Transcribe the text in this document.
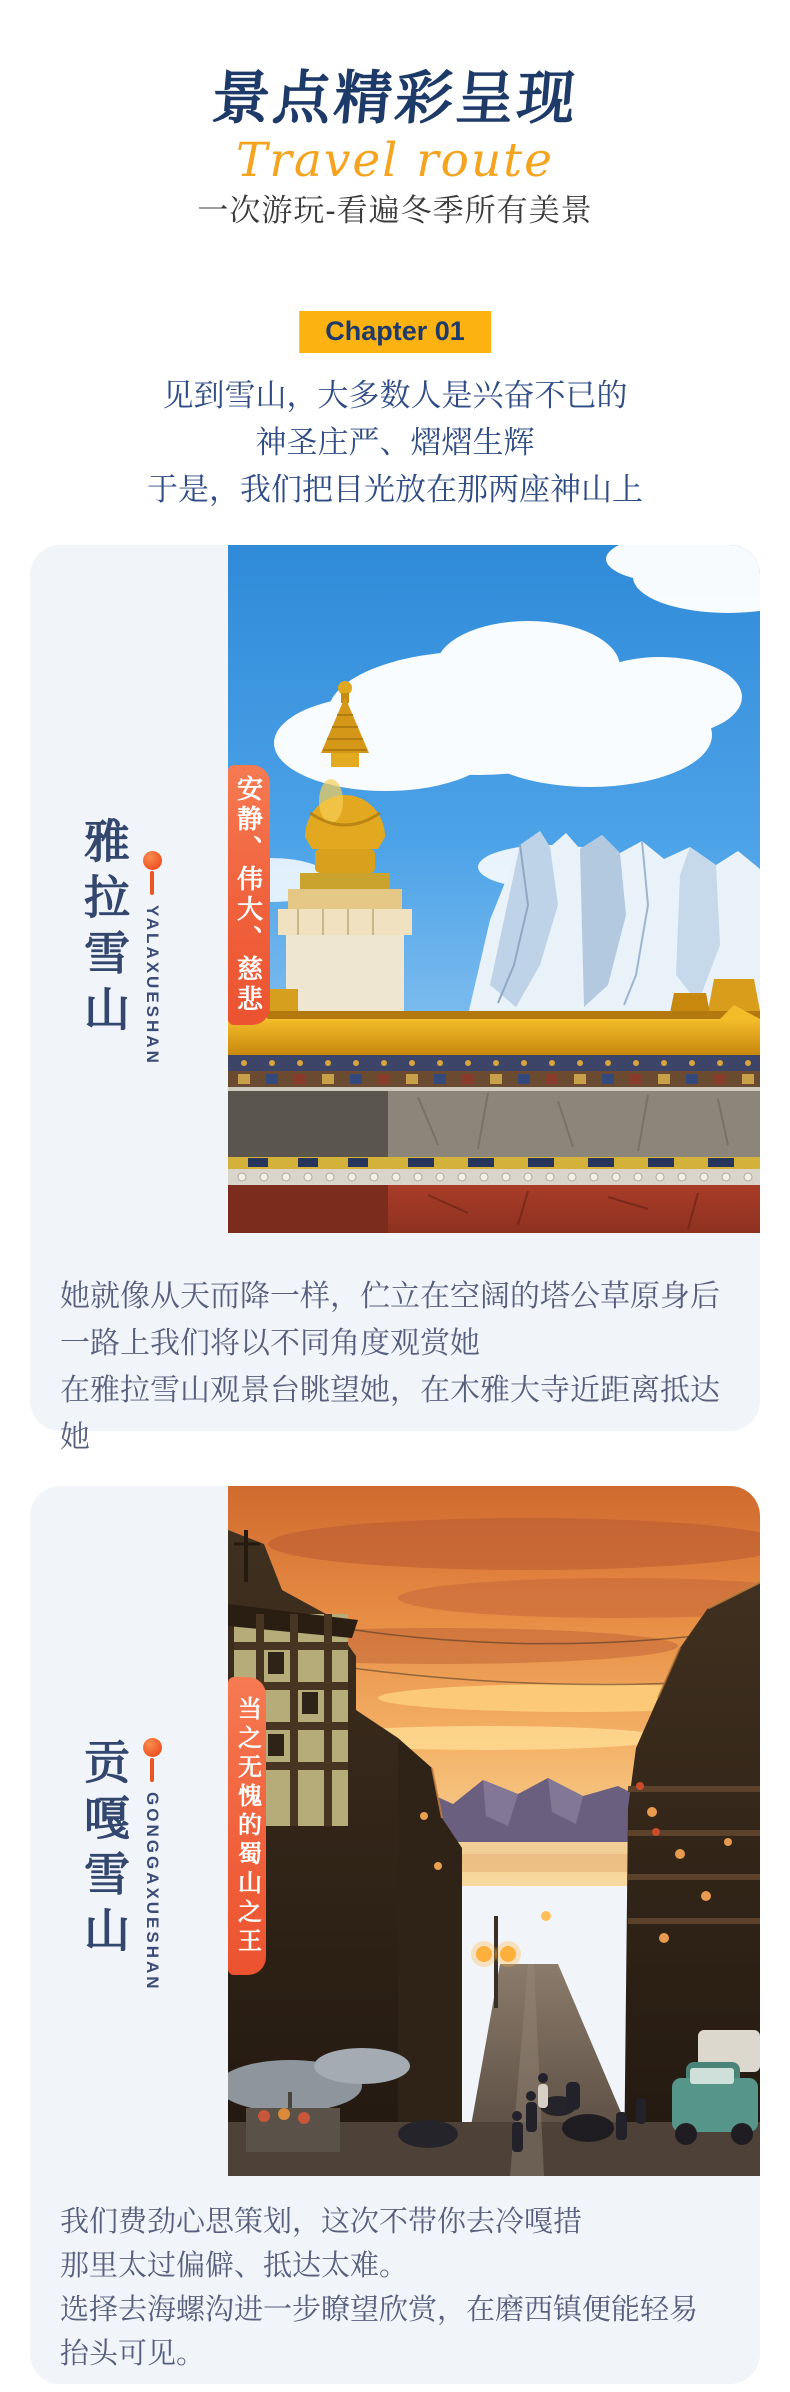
景点精彩呈现
Travel route
一次游玩-看遍冬季所有美景
Chapter 01
见到雪山，大多数人是兴奋不已的
神圣庄严、熠熠生辉
于是，我们把目光放在那两座神山上
雅拉雪山 YALAXUESHAN	安静、伟大、慈悲
她就像从天而降一样，伫立在空阔的塔公草原身后
一路上我们将以不同角度观赏她
在雅拉雪山观景台眺望她，在木雅大寺近距离抵达她
贡嘎雪山 GONGGAXUESHAN	当之无愧的蜀山之王
我们费劲心思策划，这次不带你去冷嘎措
那里太过偏僻、抵达太难。
选择去海螺沟进一步瞭望欣赏，在磨西镇便能轻易
抬头可见。
